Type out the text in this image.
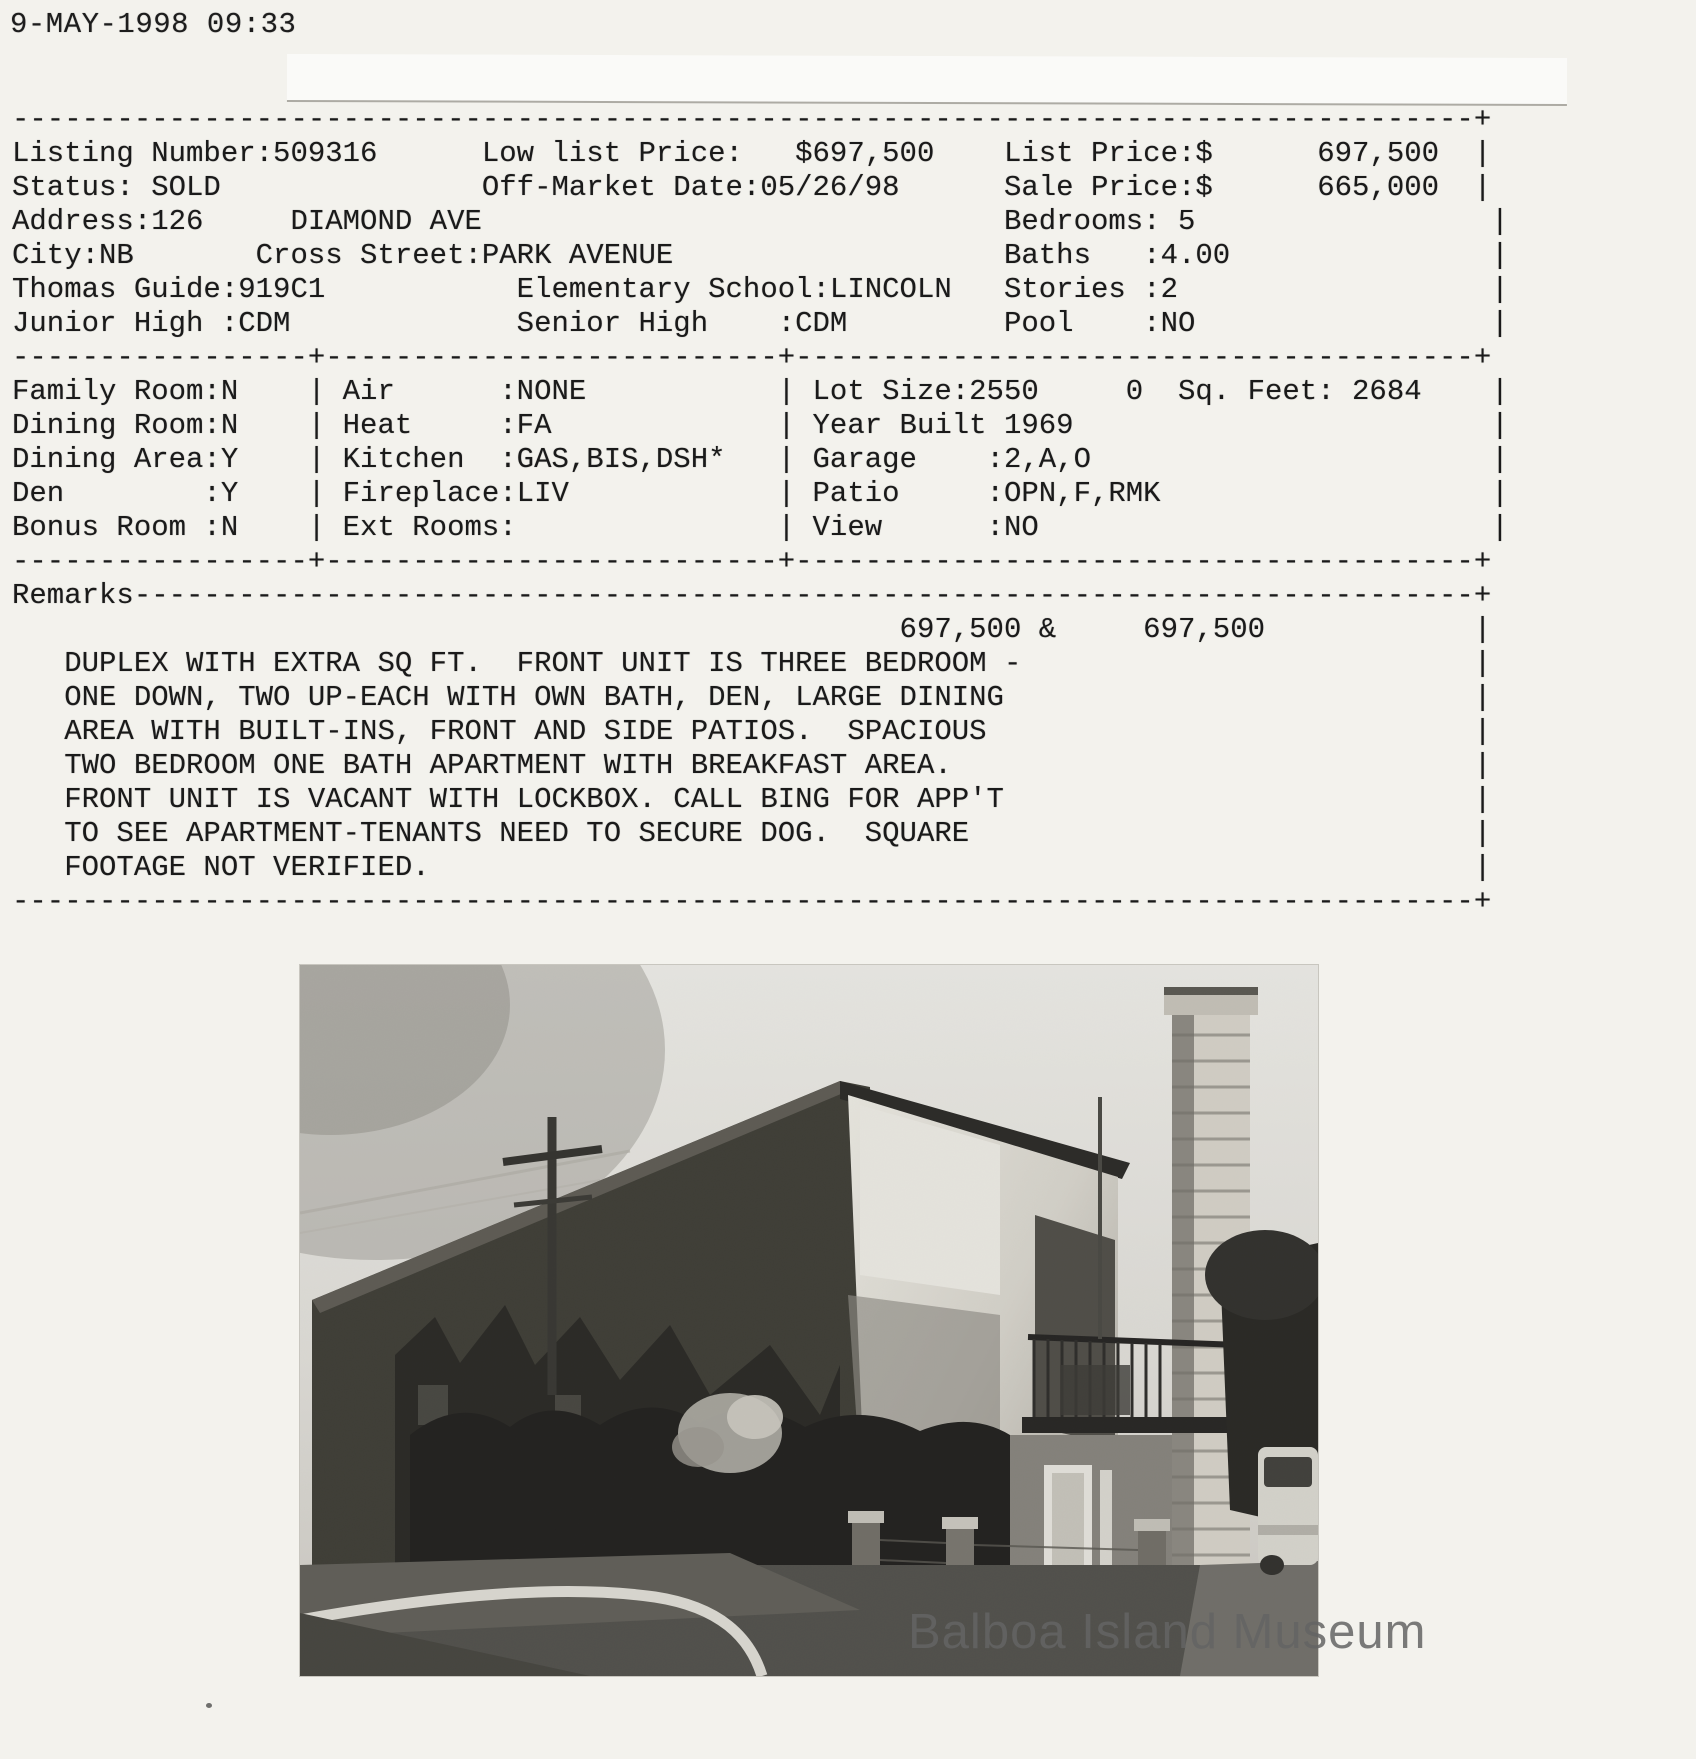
9-MAY-1998 09:33
------------------------------------------------------------------------------------+
Listing Number:509316      Low list Price:   $697,500    List Price:$      697,500  |
Status: SOLD               Off-Market Date:05/26/98      Sale Price:$      665,000  |
Address:126     DIAMOND AVE                              Bedrooms: 5                 |
City:NB       Cross Street:PARK AVENUE                   Baths   :4.00               |
Thomas Guide:919C1           Elementary School:LINCOLN   Stories :2                  |
Junior High :CDM             Senior High    :CDM         Pool    :NO                 |
-----------------+--------------------------+---------------------------------------+
Family Room:N    | Air      :NONE           | Lot Size:2550     0  Sq. Feet: 2684    |
Dining Room:N    | Heat     :FA             | Year Built 1969                        |
Dining Area:Y    | Kitchen  :GAS,BIS,DSH*   | Garage    :2,A,O                       |
Den        :Y    | Fireplace:LIV            | Patio     :OPN,F,RMK                   |
Bonus Room :N    | Ext Rooms:               | View      :NO                          |
-----------------+--------------------------+---------------------------------------+
Remarks-----------------------------------------------------------------------------+
697,500 &     697,500            |
DUPLEX WITH EXTRA SQ FT.  FRONT UNIT IS THREE BEDROOM -                          |
ONE DOWN, TWO UP-EACH WITH OWN BATH, DEN, LARGE DINING                           |
AREA WITH BUILT-INS, FRONT AND SIDE PATIOS.  SPACIOUS                            |
TWO BEDROOM ONE BATH APARTMENT WITH BREAKFAST AREA.                              |
FRONT UNIT IS VACANT WITH LOCKBOX. CALL BING FOR APP'T                           |
TO SEE APARTMENT-TENANTS NEED TO SECURE DOG.  SQUARE                             |
FOOTAGE NOT VERIFIED.                                                            |
------------------------------------------------------------------------------------+
Balboa Island Museum
